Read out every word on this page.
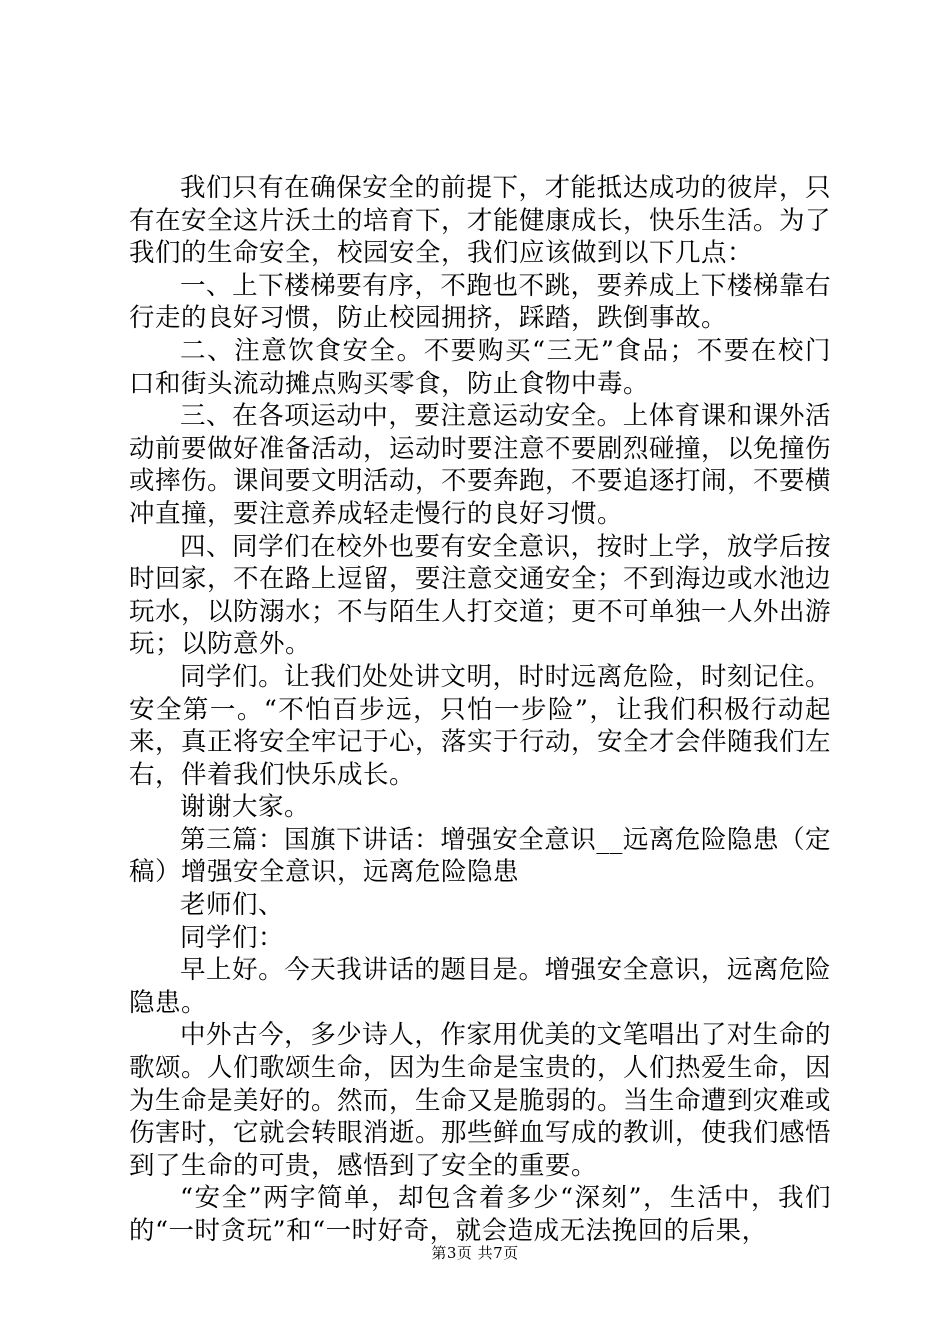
我们只有在确保安全的前提下，才能抵达成功的彼岸，只有在安全这片沃土的培育下，才能健康成长，快乐生活。为了我们的生命安全，校园安全，我们应该做到以下几点：

一、上下楼梯要有序，不跑也不跳，要养成上下楼梯靠右行走的良好习惯，防止校园拥挤，踩踏，跌倒事故。

二、注意饮食安全。不要购买“三无”食品；不要在校门口和街头流动摊点购买零食，防止食物中毒。

三、在各项运动中，要注意运动安全。上体育课和课外活动前要做好准备活动，运动时要注意不要剧烈碰撞，以免撞伤或摔伤。课间要文明活动，不要奔跑，不要追逐打闹，不要横冲直撞，要注意养成轻走慢行的良好习惯。

四、同学们在校外也要有安全意识，按时上学，放学后按时回家，不在路上逗留，要注意交通安全；不到海边或水池边玩水，以防溺水；不与陌生人打交道；更不可单独一人外出游玩；以防意外。

同学们。让我们处处讲文明，时时远离危险，时刻记住。安全第一。“不怕百步远，只怕一步险”，让我们积极行动起来，真正将安全牢记于心，落实于行动，安全才会伴随我们左右，伴着我们快乐成长。

谢谢大家。

第三篇：国旗下讲话：增强安全意识__远离危险隐患（定稿）增强安全意识，远离危险隐患

老师们、

同学们：

早上好。今天我讲话的题目是。增强安全意识，远离危险隐患。

中外古今，多少诗人，作家用优美的文笔唱出了对生命的歌颂。人们歌颂生命，因为生命是宝贵的，人们热爱生命，因为生命是美好的。然而，生命又是脆弱的。当生命遭到灾难或伤害时，它就会转眼消逝。那些鲜血写成的教训，使我们感悟到了生命的可贵，感悟到了安全的重要。

“安全”两字简单，却包含着多少“深刻”，生活中，我们的“一时贪玩”和“一时好奇，就会造成无法挽回的后果，

第3页 共7页
